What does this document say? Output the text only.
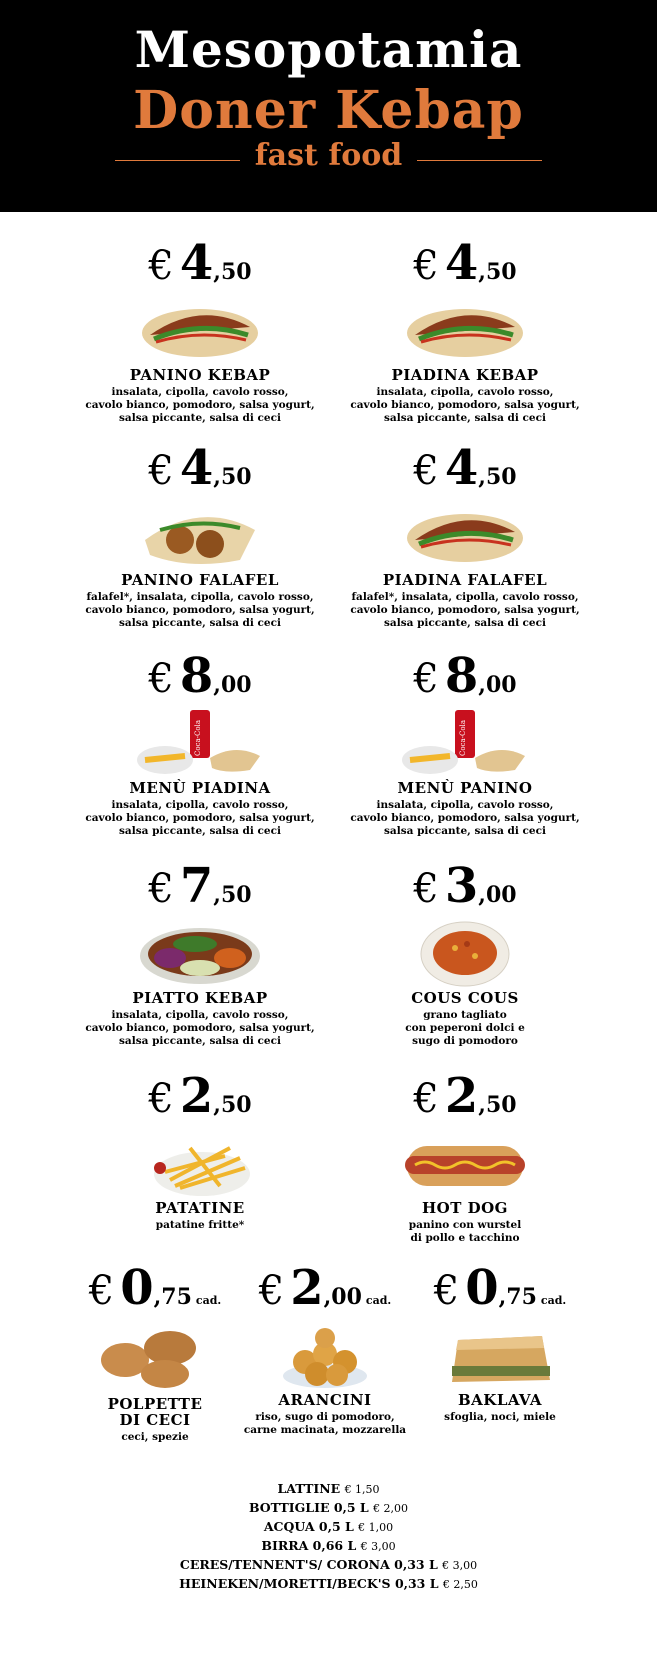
Mesopotamia
Doner Kebap
fast food
€ 4,50
PANINO KEBAP
insalata, cipolla, cavolo rosso,
cavolo bianco, pomodoro, salsa yogurt,
salsa piccante, salsa di ceci
€ 4,50
PIADINA KEBAP
insalata, cipolla, cavolo rosso,
cavolo bianco, pomodoro, salsa yogurt,
salsa piccante, salsa di ceci
€ 4,50
PANINO FALAFEL
falafel*, insalata, cipolla, cavolo rosso,
cavolo bianco, pomodoro, salsa yogurt,
salsa piccante, salsa di ceci
€ 4,50
PIADINA FALAFEL
falafel*, insalata, cipolla, cavolo rosso,
cavolo bianco, pomodoro, salsa yogurt,
salsa piccante, salsa di ceci
€ 8,00
Coca-Cola
MENÙ PIADINA
insalata, cipolla, cavolo rosso,
cavolo bianco, pomodoro, salsa yogurt,
salsa piccante, salsa di ceci
€ 8,00
Coca-Cola
MENÙ PANINO
insalata, cipolla, cavolo rosso,
cavolo bianco, pomodoro, salsa yogurt,
salsa piccante, salsa di ceci
€ 7,50
PIATTO KEBAP
insalata, cipolla, cavolo rosso,
cavolo bianco, pomodoro, salsa yogurt,
salsa piccante, salsa di ceci
€ 3,00
COUS COUS
grano tagliato
con peperoni dolci e
sugo di pomodoro
€ 2,50
PATATINE
patatine fritte*
€ 2,50
HOT DOG
panino con wurstel
di pollo e tacchino
€ 0,75 cad.
POLPETTE DI CECI
ceci, spezie
€ 2,00 cad.
ARANCINI
riso, sugo di pomodoro,
carne macinata, mozzarella
€ 0,75 cad.
BAKLAVA
sfoglia, noci, miele
LATTINE € 1,50
BOTTIGLIE 0,5 L € 2,00
ACQUA 0,5 L € 1,00
BIRRA 0,66 L € 3,00
CERES/TENNENT'S/ CORONA 0,33 L € 3,00
HEINEKEN/MORETTI/BECK'S 0,33 L € 2,50
